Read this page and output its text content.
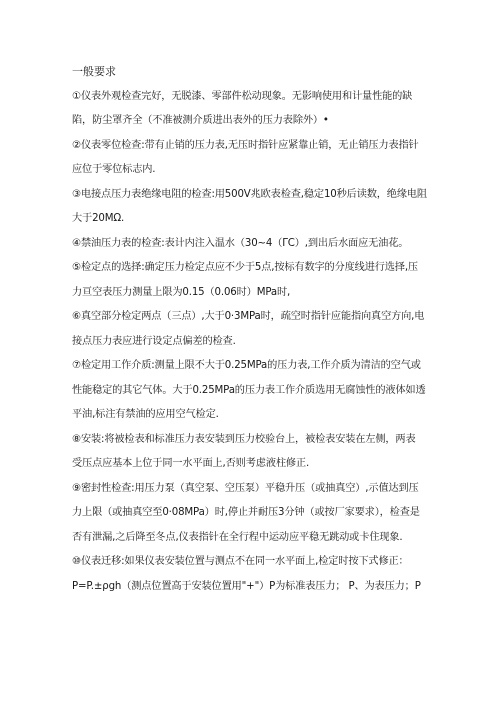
一般要求
①仪表外观检查完好，无脱漆、零部件松动现象。无影响使用和计量性能的缺
陷，防尘罩齐全（不准被测介质进出表外的压力表除外）•
②仪表零位检查:带有止销的压力表,无压时指针应紧靠止销，无止销压力表指针
应位于零位标志内.
③电接点压力表绝缘电阻的检查:用500V兆欧表检查,稳定10秒后读数，绝缘电阻
大于20MΩ.
④禁油压力表的检查:表计内注入温水（30~4（ΓC）,到出后水面应无油花。
⑤检定点的选择:确定压力检定点应不少于5点,按标有数字的分度线进行选择,压
力亘空表压力测量上限为0.15（0.06时）MPa时,
⑥真空部分检定两点（三点）,大于0·3MPa时，疏空时指针应能指向真空方向,电
接点压力表应进行设定点偏差的检查.
⑦检定用工作介质:测量上限不大于0.25MPa的压力表,工作介质为清洁的空气或
性能稳定的其它气体。大于0.25MPa的压力表工作介质选用无腐蚀性的液体如透
平油,标注有禁油的应用空气检定.
⑧安装:将被检表和标准压力表安装到压力校验台上，被检表安装在左侧，两表
受压点应基本上位于同一水平面上,否则考虑液柱修正.
⑨密封性检查:用压力泵（真空泵、空压泵）平稳升压（或抽真空）,示值达到压
力上限（或抽真空至0·08MPa）时,停止并耐压3分钟（或按厂家要求），检查是
否有泄漏,之后降至冬点,仪表指针在全行程中运动应平稳无跳动或卡住现象.
⑩仪表迁移:如果仪表安装位置与测点不在同一水平面上,检定时按下式修正：
P=P.±ρgh（测点位置高于安装位置用"+"）P为标准表压力； P、为表压力；P
